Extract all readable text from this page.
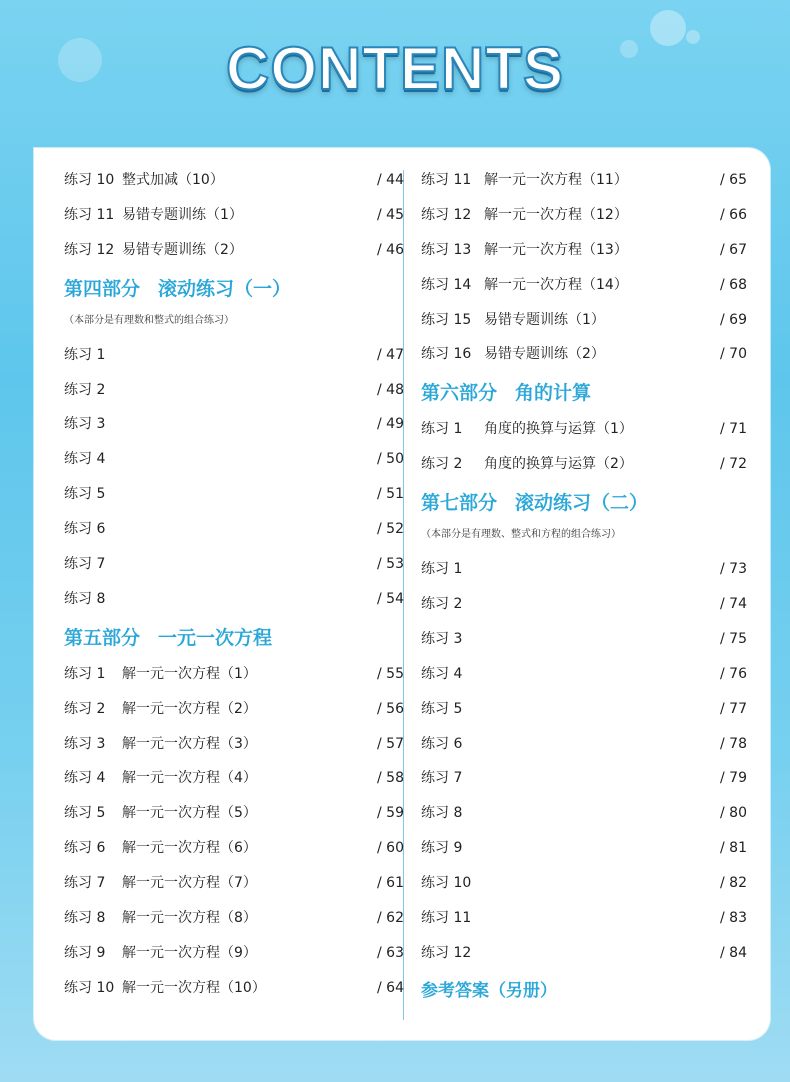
CONTENTS
练习 10 整式加减（10）	/ 44
练习 11 易错专题训练（1）	/ 45
练习 12 易错专题训练（2）	/ 46
第四部分 滚动练习（一）
（本部分是有理数和整式的组合练习）
练习 1	/ 47
练习 2	/ 48
练习 3	/ 49
练习 4	/ 50
练习 5	/ 51
练习 6	/ 52
练习 7	/ 53
练习 8	/ 54
第五部分 一元一次方程
练习 1 解一元一次方程（1）	/ 55
练习 2 解一元一次方程（2）	/ 56
练习 3 解一元一次方程（3）	/ 57
练习 4 解一元一次方程（4）	/ 58
练习 5 解一元一次方程（5）	/ 59
练习 6 解一元一次方程（6）	/ 60
练习 7 解一元一次方程（7）	/ 61
练习 8 解一元一次方程（8）	/ 62
练习 9 解一元一次方程（9）	/ 63
练习 10 解一元一次方程（10）	/ 64
练习 11 解一元一次方程（11）	/ 65
练习 12 解一元一次方程（12）	/ 66
练习 13 解一元一次方程（13）	/ 67
练习 14 解一元一次方程（14）	/ 68
练习 15 易错专题训练（1）	/ 69
练习 16 易错专题训练（2）	/ 70
第六部分 角的计算
练习 1 角度的换算与运算（1）	/ 71
练习 2 角度的换算与运算（2）	/ 72
第七部分 滚动练习（二）
（本部分是有理数、整式和方程的组合练习）
练习 1	/ 73
练习 2	/ 74
练习 3	/ 75
练习 4	/ 76
练习 5	/ 77
练习 6	/ 78
练习 7	/ 79
练习 8	/ 80
练习 9	/ 81
练习 10	/ 82
练习 11	/ 83
练习 12	/ 84
参考答案（另册）
